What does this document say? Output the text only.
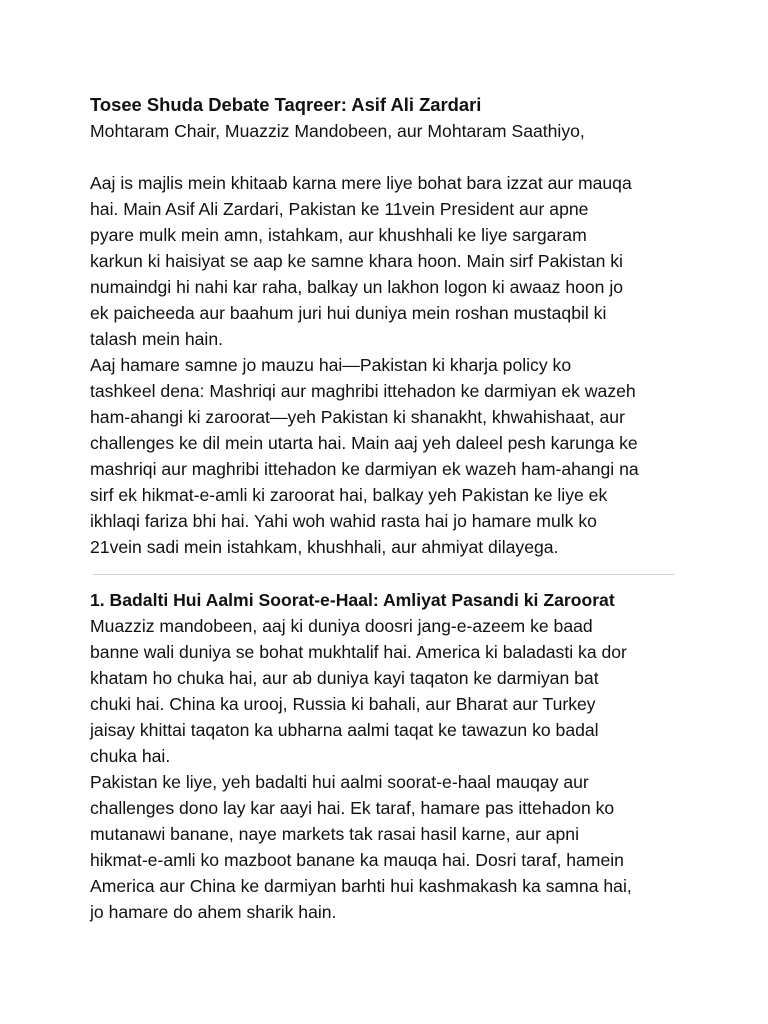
Tosee Shuda Debate Taqreer: Asif Ali Zardari
Mohtaram Chair, Muazziz Mandobeen, aur Mohtaram Saathiyo,
Aaj is majlis mein khitaab karna mere liye bohat bara izzat aur mauqa
hai. Main Asif Ali Zardari, Pakistan ke 11vein President aur apne
pyare mulk mein amn, istahkam, aur khushhali ke liye sargaram
karkun ki haisiyat se aap ke samne khara hoon. Main sirf Pakistan ki
numaindgi hi nahi kar raha, balkay un lakhon logon ki awaaz hoon jo
ek paicheeda aur baahum juri hui duniya mein roshan mustaqbil ki
talash mein hain.
Aaj hamare samne jo mauzu hai—Pakistan ki kharja policy ko
tashkeel dena: Mashriqi aur maghribi ittehadon ke darmiyan ek wazeh
ham-ahangi ki zaroorat—yeh Pakistan ki shanakht, khwahishaat, aur
challenges ke dil mein utarta hai. Main aaj yeh daleel pesh karunga ke
mashriqi aur maghribi ittehadon ke darmiyan ek wazeh ham-ahangi na
sirf ek hikmat-e-amli ki zaroorat hai, balkay yeh Pakistan ke liye ek
ikhlaqi fariza bhi hai. Yahi woh wahid rasta hai jo hamare mulk ko
21vein sadi mein istahkam, khushhali, aur ahmiyat dilayega.
1. Badalti Hui Aalmi Soorat-e-Haal: Amliyat Pasandi ki Zaroorat
Muazziz mandobeen, aaj ki duniya doosri jang-e-azeem ke baad
banne wali duniya se bohat mukhtalif hai. America ki baladasti ka dor
khatam ho chuka hai, aur ab duniya kayi taqaton ke darmiyan bat
chuki hai. China ka urooj, Russia ki bahali, aur Bharat aur Turkey
jaisay khittai taqaton ka ubharna aalmi taqat ke tawazun ko badal
chuka hai.
Pakistan ke liye, yeh badalti hui aalmi soorat-e-haal mauqay aur
challenges dono lay kar aayi hai. Ek taraf, hamare pas ittehadon ko
mutanawi banane, naye markets tak rasai hasil karne, aur apni
hikmat-e-amli ko mazboot banane ka mauqa hai. Dosri taraf, hamein
America aur China ke darmiyan barhti hui kashmakash ka samna hai,
jo hamare do ahem sharik hain.
